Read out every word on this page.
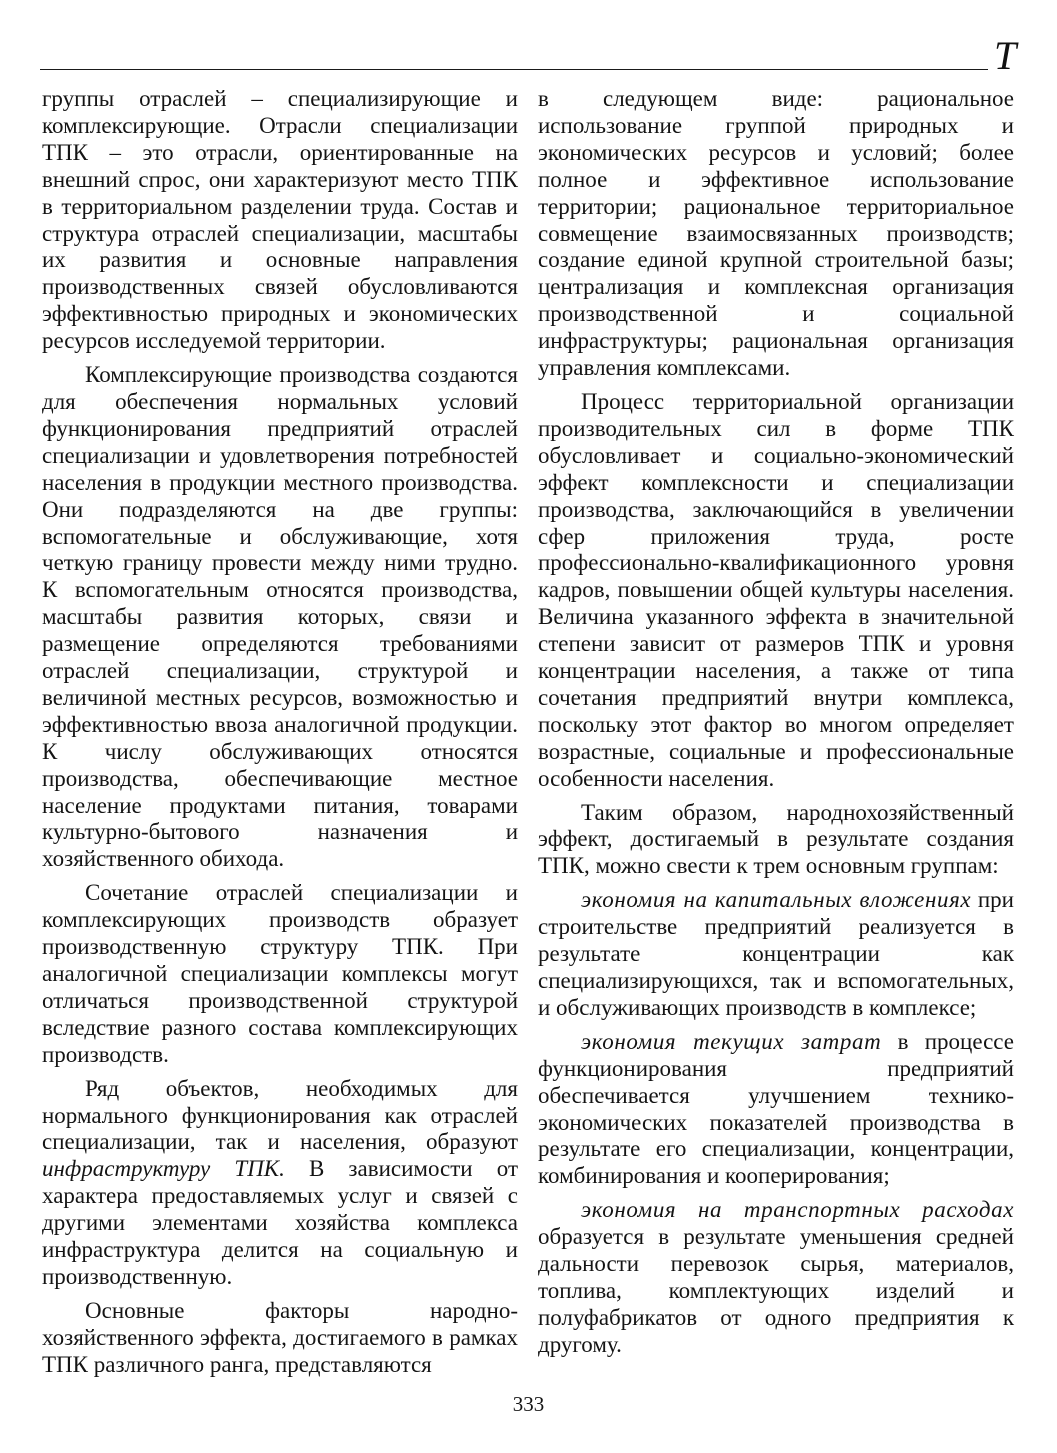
Т

группы отраслей – специализирующие и комплексирующие. Отрасли специализации ТПК – это отрасли, ориентированные на внешний спрос, они характеризуют место ТПК в территориальном разделении труда. Состав и структура отраслей специализации, масштабы их развития и основные направления производственных связей обусловливаются эффективностью природных и экономических ресурсов исследуемой территории.

Комплексирующие производства создаются для обеспечения нормальных условий функционирования предприятий отраслей специализации и удовлетворения потребностей населения в продукции местного производства. Они подразделяются на две группы: вспомогательные и обслуживающие, хотя четкую границу провести между ними трудно. К вспомогательным относятся производства, масштабы развития которых, связи и размещение определяются требованиями отраслей специализации, структурой и величиной местных ресурсов, возможностью и эффективностью ввоза аналогичной продукции. К числу обслуживающих относятся производства, обеспечивающие местное население продуктами питания, товарами культурно-бытового назначения и хозяйственного обихода.

Сочетание отраслей специализации и комплексирующих производств образует производственную структуру ТПК. При аналогичной специализации комплексы могут отличаться производственной структурой вследствие разного состава комплексирующих производств.

Ряд объектов, необходимых для нормального функционирования как отраслей специализации, так и населения, образуют инфраструктуру ТПК. В зависимости от характера предоставляемых услуг и связей с другими элементами хозяйства комплекса инфраструктура делится на социальную и производственную.

Основные факторы народно-хозяйственного эффекта, достигаемого в рамках ТПК различного ранга, представляются

в следующем виде: рациональное использование группой природных и экономических ресурсов и условий; более полное и эффективное использование территории; рациональное территориальное совмещение взаимосвязанных производств; создание единой крупной строительной базы; централизация и комплексная организация производственной и социальной инфраструктуры; рациональная организация управления комплексами.

Процесс территориальной организации производительных сил в форме ТПК обусловливает и социально-экономический эффект комплексности и специализации производства, заключающийся в увеличении сфер приложения труда, росте профессионально-квалификационного уровня кадров, повышении общей культуры населения. Величина указанного эффекта в значительной степени зависит от размеров ТПК и уровня концентрации населения, а также от типа сочетания предприятий внутри комплекса, поскольку этот фактор во многом определяет возрастные, социальные и профессиональные особенности населения.

Таким образом, народнохозяйственный эффект, достигаемый в результате создания ТПК, можно свести к трем основным группам:

экономия на капитальных вложениях при строительстве предприятий реализуется в результате концентрации как специализирующихся, так и вспомогательных, и обслуживающих производств в комплексе;

экономия текущих затрат в процессе функционирования предприятий обеспечивается улучшением технико-экономических показателей производства в результате его специализации, концентрации, комбинирования и кооперирования;

экономия на транспортных расходах образуется в результате уменьшения средней дальности перевозок сырья, материалов, топлива, комплектующих изделий и полуфабрикатов от одного предприятия к другому.

333
